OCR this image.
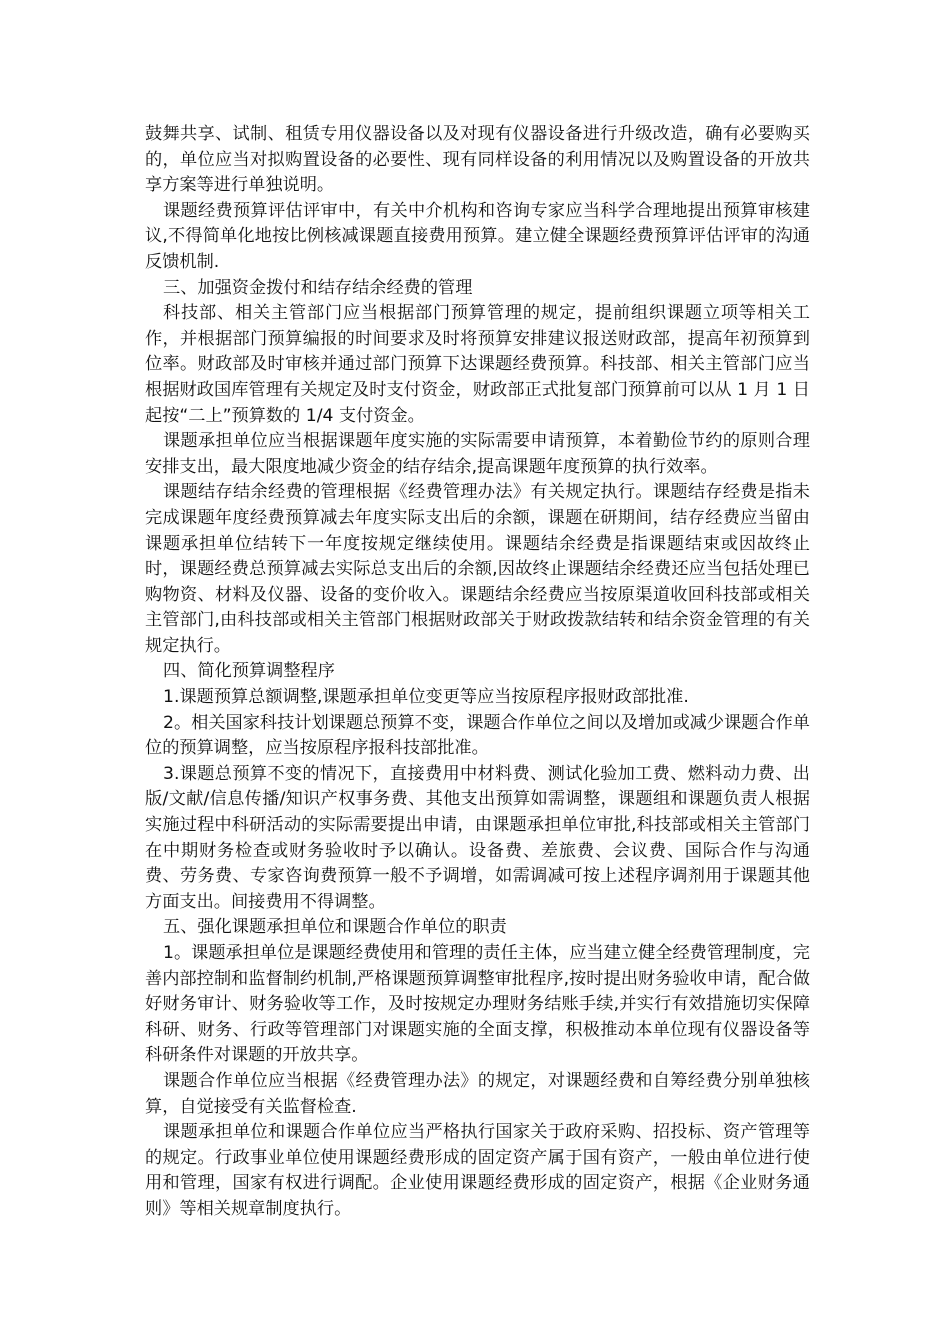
鼓舞共享、试制、租赁专用仪器设备以及对现有仪器设备进行升级改造，确有必要购买的，单位应当对拟购置设备的必要性、现有同样设备的利用情况以及购置设备的开放共享方案等进行单独说明。

课题经费预算评估评审中，有关中介机构和咨询专家应当科学合理地提出预算审核建议,不得简单化地按比例核减课题直接费用预算。建立健全课题经费预算评估评审的沟通反馈机制.

三、加强资金拨付和结存结余经费的管理

科技部、相关主管部门应当根据部门预算管理的规定，提前组织课题立项等相关工作，并根据部门预算编报的时间要求及时将预算安排建议报送财政部，提高年初预算到位率。财政部及时审核并通过部门预算下达课题经费预算。科技部、相关主管部门应当根据财政国库管理有关规定及时支付资金，财政部正式批复部门预算前可以从 1 月 1 日起按“二上”预算数的 1/4 支付资金。

课题承担单位应当根据课题年度实施的实际需要申请预算，本着勤俭节约的原则合理安排支出，最大限度地减少资金的结存结余,提高课题年度预算的执行效率。

课题结存结余经费的管理根据《经费管理办法》有关规定执行。课题结存经费是指未完成课题年度经费预算减去年度实际支出后的余额，课题在研期间，结存经费应当留由课题承担单位结转下一年度按规定继续使用。课题结余经费是指课题结束或因故终止时，课题经费总预算减去实际总支出后的余额,因故终止课题结余经费还应当包括处理已购物资、材料及仪器、设备的变价收入。课题结余经费应当按原渠道收回科技部或相关主管部门,由科技部或相关主管部门根据财政部关于财政拨款结转和结余资金管理的有关规定执行。

四、简化预算调整程序

1.课题预算总额调整,课题承担单位变更等应当按原程序报财政部批准.

2。相关国家科技计划课题总预算不变，课题合作单位之间以及增加或减少课题合作单位的预算调整，应当按原程序报科技部批准。

3.课题总预算不变的情况下，直接费用中材料费、测试化验加工费、燃料动力费、出版/文献/信息传播/知识产权事务费、其他支出预算如需调整，课题组和课题负责人根据实施过程中科研活动的实际需要提出申请，由课题承担单位审批,科技部或相关主管部门在中期财务检查或财务验收时予以确认。设备费、差旅费、会议费、国际合作与沟通费、劳务费、专家咨询费预算一般不予调增，如需调减可按上述程序调剂用于课题其他方面支出。间接费用不得调整。

五、强化课题承担单位和课题合作单位的职责

1。课题承担单位是课题经费使用和管理的责任主体，应当建立健全经费管理制度，完善内部控制和监督制约机制,严格课题预算调整审批程序,按时提出财务验收申请，配合做好财务审计、财务验收等工作，及时按规定办理财务结账手续,并实行有效措施切实保障科研、财务、行政等管理部门对课题实施的全面支撑，积极推动本单位现有仪器设备等科研条件对课题的开放共享。

课题合作单位应当根据《经费管理办法》的规定，对课题经费和自筹经费分别单独核算，自觉接受有关监督检查.

课题承担单位和课题合作单位应当严格执行国家关于政府采购、招投标、资产管理等的规定。行政事业单位使用课题经费形成的固定资产属于国有资产，一般由单位进行使用和管理，国家有权进行调配。企业使用课题经费形成的固定资产，根据《企业财务通则》等相关规章制度执行。
